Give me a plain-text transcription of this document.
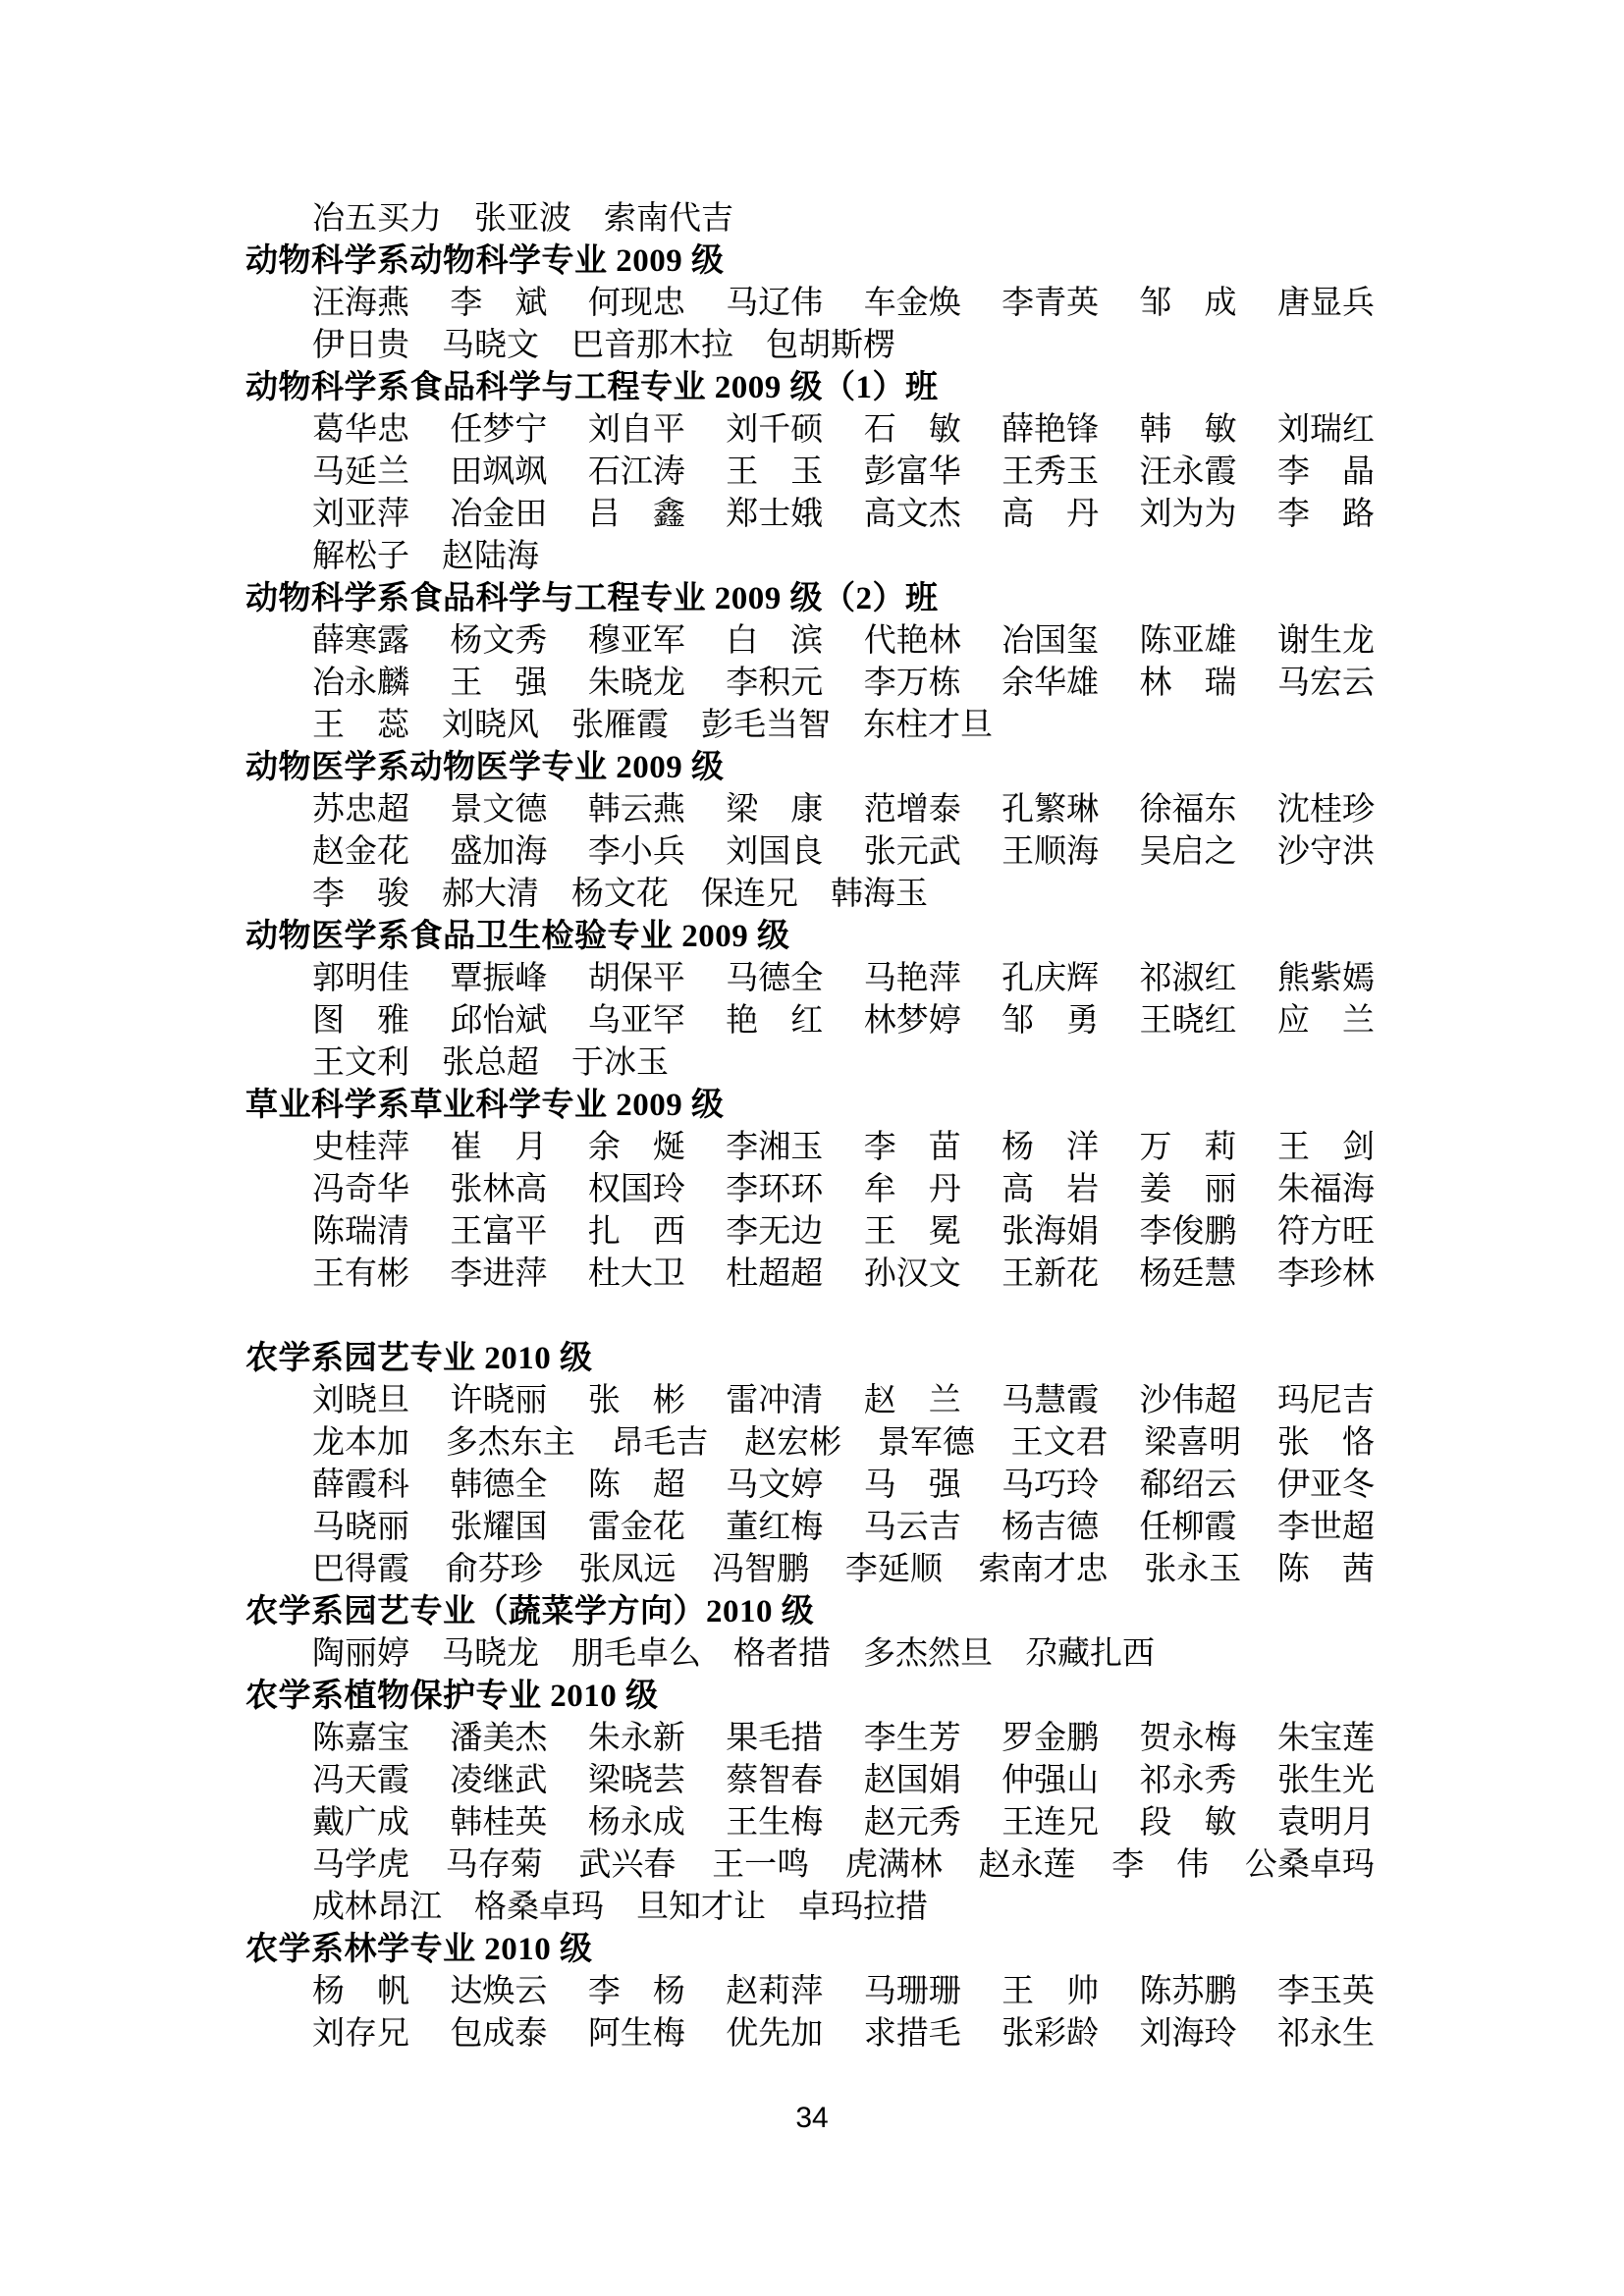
冶五买力 张亚波 索南代吉
动物科学系动物科学专业 2009 级
汪海燕 李　斌 何现忠 马辽伟 车金焕 李青英 邹　成 唐显兵
伊日贵 马晓文 巴音那木拉 包胡斯楞
动物科学系食品科学与工程专业 2009 级（1）班
葛华忠 任梦宁 刘自平 刘千硕 石　敏 薛艳锋 韩　敏 刘瑞红
马延兰 田飒飒 石江涛 王　玉 彭富华 王秀玉 汪永霞 李　晶
刘亚萍 冶金田 吕　鑫 郑士娥 高文杰 高　丹 刘为为 李　路
解松子 赵陆海
动物科学系食品科学与工程专业 2009 级（2）班
薛寒露 杨文秀 穆亚军 白　滨 代艳林 冶国玺 陈亚雄 谢生龙
冶永麟 王　强 朱晓龙 李积元 李万栋 余华雄 林　瑞 马宏云
王　蕊 刘晓风 张雁霞 彭毛当智 东柱才旦
动物医学系动物医学专业 2009 级
苏忠超 景文德 韩云燕 梁　康 范增泰 孔繁琳 徐福东 沈桂珍
赵金花 盛加海 李小兵 刘国良 张元武 王顺海 吴启之 沙守洪
李　骏 郝大清 杨文花 保连兄 韩海玉
动物医学系食品卫生检验专业 2009 级
郭明佳 覃振峰 胡保平 马德全 马艳萍 孔庆辉 祁淑红 熊紫嫣
图　雅 邱怡斌 乌亚罕 艳　红 林梦婷 邹　勇 王晓红 应　兰
王文利 张总超 于冰玉
草业科学系草业科学专业 2009 级
史桂萍 崔　月 余　烻 李湘玉 李　苗 杨　洋 万　莉 王　剑
冯奇华 张林高 权国玲 李环环 牟　丹 高　岩 姜　丽 朱福海
陈瑞清 王富平 扎　西 李无边 王　冕 张海娟 李俊鹏 符方旺
王有彬 李进萍 杜大卫 杜超超 孙汉文 王新花 杨廷慧 李珍林
农学系园艺专业 2010 级
刘晓旦 许晓丽 张　彬 雷冲清 赵　兰 马慧霞 沙伟超 玛尼吉
龙本加 多杰东主 昂毛吉 赵宏彬 景军德 王文君 梁喜明 张　恪
薛霞科 韩德全 陈　超 马文婷 马　强 马巧玲 郗绍云 伊亚冬
马晓丽 张耀国 雷金花 董红梅 马云吉 杨吉德 任柳霞 李世超
巴得霞 俞芬珍 张凤远 冯智鹏 李延顺 索南才忠 张永玉 陈　茜
农学系园艺专业（蔬菜学方向）2010 级
陶丽婷 马晓龙 朋毛卓么 格者措 多杰然旦 尕藏扎西
农学系植物保护专业 2010 级
陈嘉宝 潘美杰 朱永新 果毛措 李生芳 罗金鹏 贺永梅 朱宝莲
冯天霞 凌继武 梁晓芸 蔡智春 赵国娟 仲强山 祁永秀 张生光
戴广成 韩桂英 杨永成 王生梅 赵元秀 王连兄 段　敏 袁明月
马学虎 马存菊 武兴春 王一鸣 虎满林 赵永莲 李　伟 公桑卓玛
成林昂江 格桑卓玛 旦知才让 卓玛拉措
农学系林学专业 2010 级
杨　帆 达焕云 李　杨 赵莉萍 马珊珊 王　帅 陈苏鹏 李玉英
刘存兄 包成泰 阿生梅 优先加 求措毛 张彩龄 刘海玲 祁永生
34
